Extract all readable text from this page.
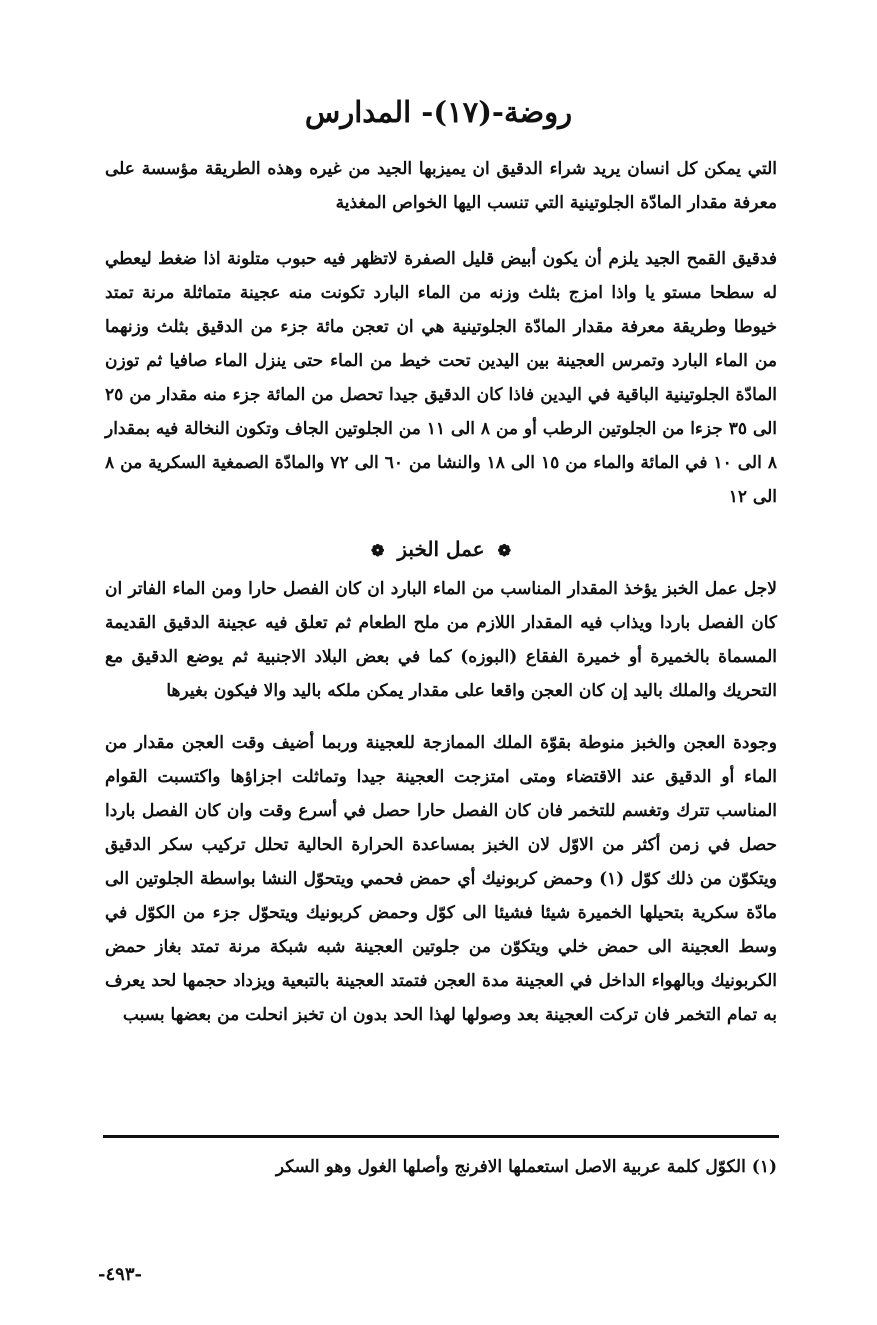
روضة-(١٧)- المدارس

التي يمكن كل انسان يريد شراء الدقيق ان يميزبها الجيد من غيره وهذه الطريقة مؤسسة على معرفة مقدار المادّة الجلوتينية التي تنسب اليها الخواص المغذية

فدقيق القمح الجيد يلزم أن يكون أبيض قليل الصفرة لاتظهر فيه حبوب متلونة اذا ضغط ليعطي له سطحا مستو يا واذا امزج بثلث وزنه من الماء البارد تكونت منه عجينة متماثلة مرنة تمتد خيوطا وطريقة معرفة مقدار المادّة الجلوتينية هي ان تعجن مائة جزء من الدقيق بثلث وزنهما من الماء البارد وتمرس العجينة بين اليدين تحت خيط من الماء حتى ينزل الماء صافيا ثم توزن المادّة الجلوتينية الباقية في اليدين فاذا كان الدقيق جيدا تحصل من المائة جزء منه مقدار من ٢٥ الى ٣٥ جزءا من الجلوتين الرطب أو من ٨ الى ١١ من الجلوتين الجاف وتكون النخالة فيه بمقدار ٨ الى ١٠ في المائة والماء من ١٥ الى ١٨ والنشا من ٦٠ الى ٧٢ والمادّة الصمغية السكرية من ٨ الى ١٢

❁ عمل الخبز ❁

لاجل عمل الخبز يؤخذ المقدار المناسب من الماء البارد ان كان الفصل حارا ومن الماء الفاتر ان كان الفصل باردا ويذاب فيه المقدار اللازم من ملح الطعام ثم تعلق فيه عجينة الدقيق القديمة المسماة بالخميرة أو خميرة الفقاع (البوزه) كما في بعض البلاد الاجنبية ثم يوضع الدقيق مع التحريك والملك باليد إن كان العجن واقعا على مقدار يمكن ملكه باليد والا فيكون بغيرها

وجودة العجن والخبز منوطة بقوّة الملك الممازجة للعجينة وربما أضيف وقت العجن مقدار من الماء أو الدقيق عند الاقتضاء ومتى امتزجت العجينة جيدا وتماثلت اجزاؤها واكتسبت القوام المناسب تترك وتغسم للتخمر فان كان الفصل حارا حصل في أسرع وقت وان كان الفصل باردا حصل في زمن أكثر من الاوّل لان الخبز بمساعدة الحرارة الحالية تحلل تركيب سكر الدقيق ويتكوّن من ذلك كوّل (١) وحمض كربونيك أي حمض فحمي ويتحوّل النشا بواسطة الجلوتين الى مادّة سكرية بتحيلها الخميرة شيئا فشيئا الى كوّل وحمض كربونيك ويتحوّل جزء من الكوّل في وسط العجينة الى حمض خلي ويتكوّن من جلوتين العجينة شبه شبكة مرنة تمتد بغاز حمض الكربونيك وبالهواء الداخل في العجينة مدة العجن فتمتد العجينة بالتبعية ويزداد حجمها لحد يعرف به تمام التخمر فان تركت العجينة بعد وصولها لهذا الحد بدون ان تخبز انحلت من بعضها بسبب

(١) الكوّل كلمة عربية الاصل استعملها الافرنج وأصلها الغول وهو السكر
-٤٩٣-
